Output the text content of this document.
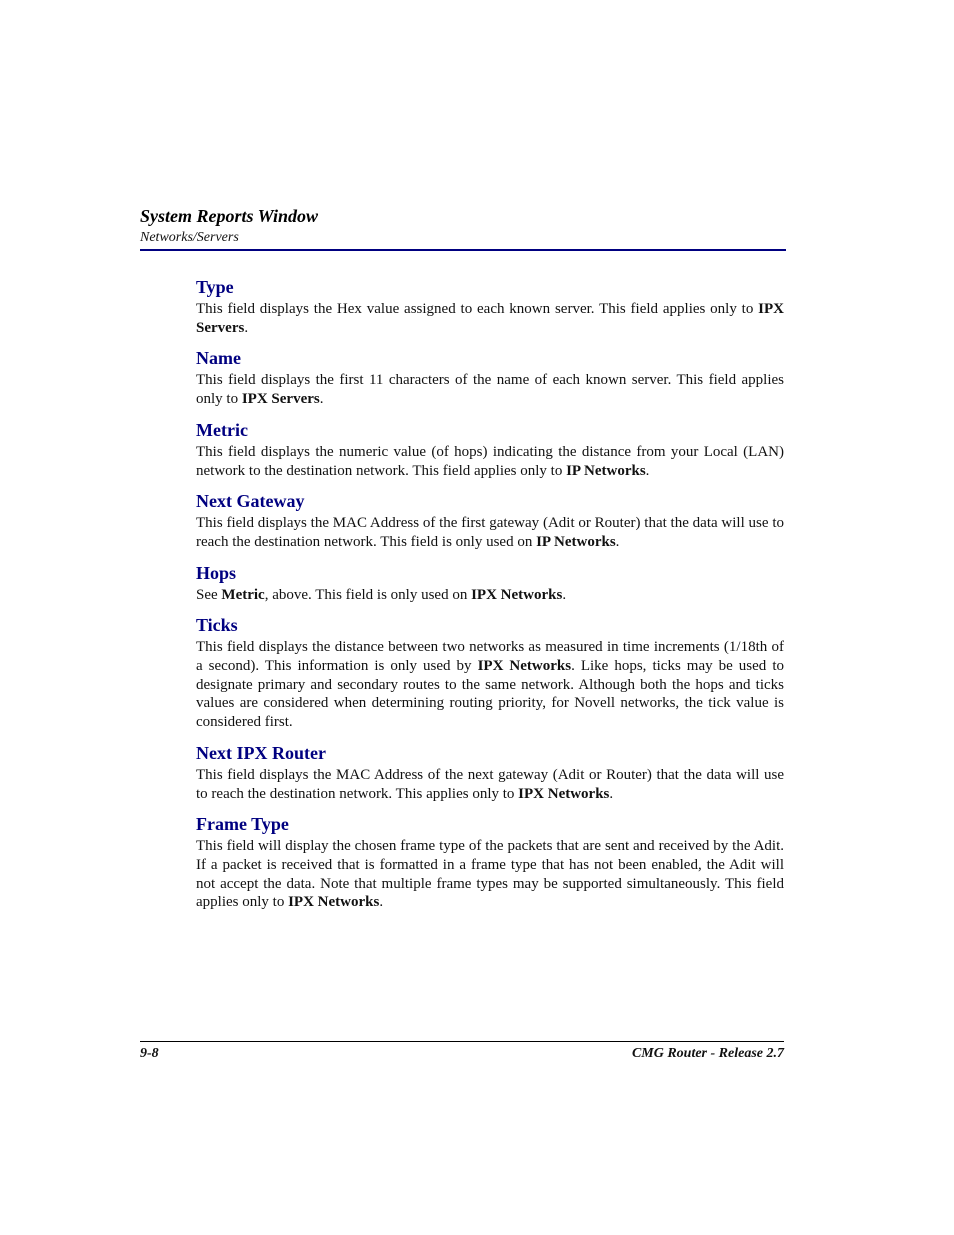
System Reports Window
Networks/Servers
Type

This field displays the Hex value assigned to each known server. This field applies only to IPX Servers.

Name

This field displays the first 11 characters of the name of each known server. This field applies only to IPX Servers.

Metric

This field displays the numeric value (of hops) indicating the distance from your Local (LAN) network to the destination network. This field applies only to IP Networks.

Next Gateway

This field displays the MAC Address of the first gateway (Adit or Router) that the data will use to reach the destination network. This field is only used on IP Networks.

Hops

See Metric, above. This field is only used on IPX Networks.

Ticks

This field displays the distance between two networks as measured in time increments (1/18th of a second). This information is only used by IPX Networks. Like hops, ticks may be used to designate primary and secondary routes to the same network. Although both the hops and ticks values are considered when determining routing priority, for Novell networks, the tick value is considered first.

Next IPX Router

This field displays the MAC Address of the next gateway (Adit or Router) that the data will use to reach the destination network. This applies only to IPX Networks.

Frame Type

This field will display the chosen frame type of the packets that are sent and received by the Adit. If a packet is received that is formatted in a frame type that has not been enabled, the Adit will not accept the data. Note that multiple frame types may be supported simultaneously. This field applies only to IPX Networks.

9-8	CMG Router - Release 2.7
